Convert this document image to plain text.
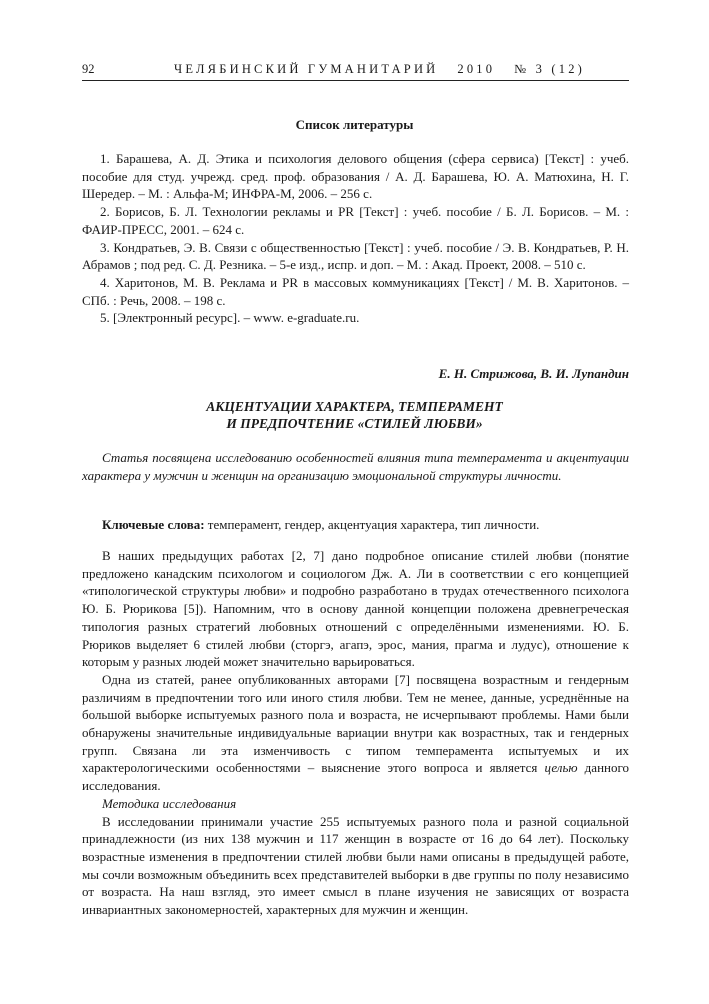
92	ЧЕЛЯБИНСКИЙ ГУМАНИТАРИЙ   2010   № 3 (12)
Список литературы

1. Барашева, А. Д. Этика и психология делового общения (сфера сервиса) [Текст] : учеб. пособие для студ. учрежд. сред. проф. образования / А. Д. Барашева, Ю. А. Матюхина, Н. Г. Шередер. – М. : Альфа-М; ИНФРА-М, 2006. – 256 с.

2. Борисов, Б. Л. Технологии рекламы и PR [Текст] : учеб. пособие / Б. Л. Борисов. – М. : ФАИР-ПРЕСС, 2001. – 624 с.

3. Кондратьев, Э. В. Связи с общественностью [Текст] : учеб. пособие / Э. В. Кондратьев, Р. Н. Абрамов ; под ред. С. Д. Резника. – 5-е изд., испр. и доп. – М. : Акад. Проект, 2008. – 510 с.

4. Харитонов, М. В. Реклама и PR в массовых коммуникациях [Текст] / М. В. Харитонов. – СПб. : Речь, 2008. – 198 с.

5. [Электронный ресурс]. – www. e-graduate.ru.

Е. Н. Стрижова, В. И. Лупандин
АКЦЕНТУАЦИИ ХАРАКТЕРА, ТЕМПЕРАМЕНТ
И ПРЕДПОЧТЕНИЕ «СТИЛЕЙ ЛЮБВИ»

Статья посвящена исследованию особенностей влияния типа темперамента и акцентуации характера у мужчин и женщин на организацию эмоциональной структуры личности.

Ключевые слова: темперамент, гендер, акцентуация характера, тип личности.

В наших предыдущих работах [2, 7] дано подробное описание стилей любви (понятие предложено канадским психологом и социологом Дж. А. Ли в соответствии с его концепцией «типологической структуры любви» и подробно разработано в трудах отечественного психолога Ю. Б. Рюрикова [5]). Напомним, что в основу данной концепции положена древнегреческая типология разных стратегий любовных отношений с определёнными изменениями. Ю. Б. Рюриков выделяет 6 стилей любви (сторгэ, агапэ, эрос, мания, прагма и лудус), отношение к которым у разных людей может значительно варьироваться.

Одна из статей, ранее опубликованных авторами [7] посвящена возрастным и гендерным различиям в предпочтении того или иного стиля любви. Тем не менее, данные, усреднённые на большой выборке испытуемых разного пола и возраста, не исчерпывают проблемы. Нами были обнаружены значительные индивидуальные вариации внутри как возрастных, так и гендерных групп. Связана ли эта изменчивость с типом темперамента испытуемых и их характерологическими особенностями – выяснение этого вопроса и является целью данного исследования.

Методика исследования

В исследовании принимали участие 255 испытуемых разного пола и разной социальной принадлежности (из них 138 мужчин и 117 женщин в возрасте от 16 до 64 лет). Поскольку возрастные изменения в предпочтении стилей любви были нами описаны в предыдущей работе, мы сочли возможным объединить всех представителей выборки в две группы по полу независимо от возраста. На наш взгляд, это имеет смысл в плане изучения не зависящих от возраста инвариантных закономерностей, характерных для мужчин и женщин.
